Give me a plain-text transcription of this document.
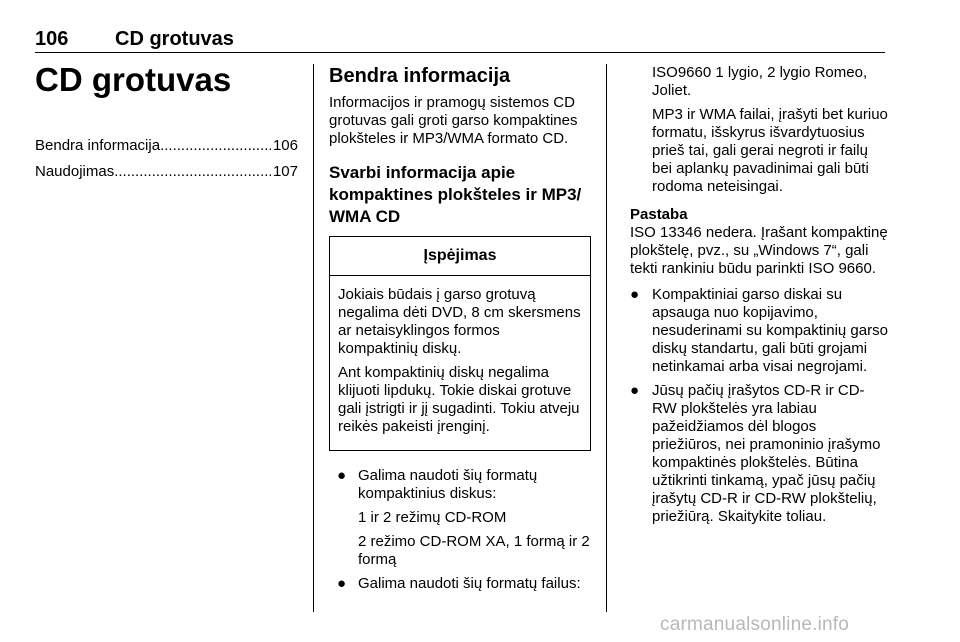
106 CD grotuvas
CD grotuvas
Bendra informacija .....	106
Naudojimas .....	107
Bendra informacija

Informacijos ir pramogų sistemos CD grotuvas gali groti garso kompaktines plokšteles ir MP3/WMA formato CD.

Svarbi informacija apie kompaktines plokšteles ir MP3/ WMA CD
Įspėjimas

Jokiais būdais į garso grotuvą negalima dėti DVD, 8 cm skersmens ar netaisyklingos formos kompaktinių diskų.

Ant kompaktinių diskų negalima klijuoti lipdukų. Tokie diskai grotuve gali įstrigti ir jį sugadinti. Tokiu atveju reikės pakeisti įrenginį.

● Galima naudoti šių formatų kompaktinius diskus:

1 ir 2 režimų CD-ROM

2 režimo CD-ROM XA, 1 formą ir 2 formą

● Galima naudoti šių formatų failus:

ISO9660 1 lygio, 2 lygio Romeo, Joliet.

MP3 ir WMA failai, įrašyti bet kuriuo formatu, išskyrus išvardytuosius prieš tai, gali gerai negroti ir failų bei aplankų pavadinimai gali būti rodoma neteisingai.

Pastaba

ISO 13346 nedera. Įrašant kompaktinę plokštelę, pvz., su „Windows 7“, gali tekti rankiniu būdu parinkti ISO 9660.

● Kompaktiniai garso diskai su apsauga nuo kopijavimo, nesuderinami su kompaktinių garso diskų standartu, gali būti grojami netinkamai arba visai negrojami.
● Jūsų pačių įrašytos CD-R ir CD-RW plokštelės yra labiau pažeidžiamos dėl blogos priežiūros, nei pramoninio įrašymo kompaktinės plokštelės. Būtina užtikrinti tinkamą, ypač jūsų pačių įrašytų CD-R ir CD-RW plokštelių, priežiūrą. Skaitykite toliau.
carmanualsonline.info
